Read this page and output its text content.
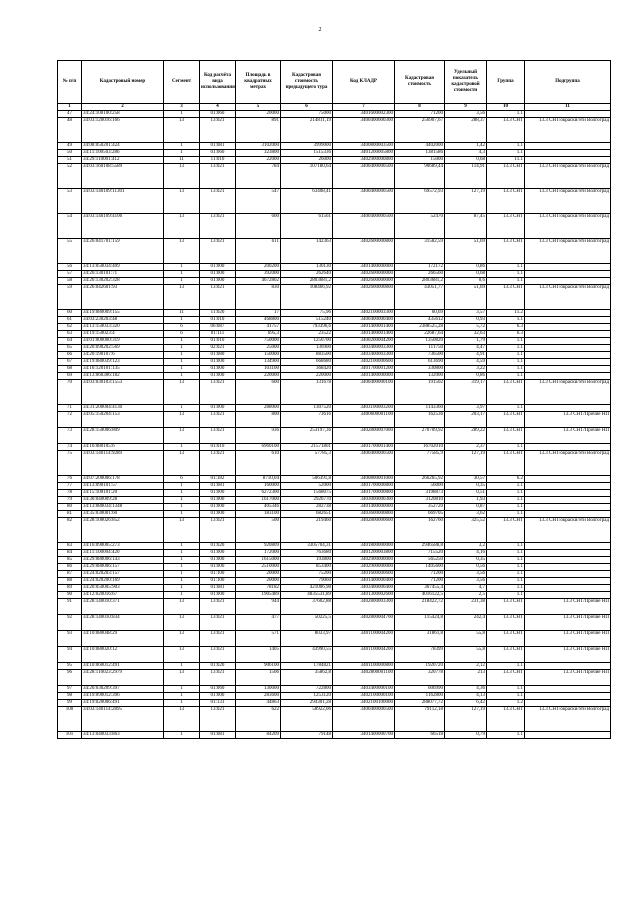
2
№ п/п	Кадастровый номер	Сегмент	Код расчёта вида использования	Площадь в квадратных метрах	Кадастровая стоимость предыдущего тура	Код КЛАДР	Кадастровая стоимость	Удельный показатель кадастровой стоимости	Группа	Подгруппа
1	2	3	4	5	6	7	8	9	10	11
47	34:24:100100:258	1	01:060	20000	75000	3401600002300	71200	3,56	1.1	
48	34:03:120016:166	13	13:021	891	214811,19	3400400000300	256907,67	288,37	13.3 СНТ	13.3 СНТ/окраски/эти Волгоград
49	34:08:050201:424	1	01:081	3102000	3999000	3400800003500	4402000	1,42	1.1	
50	34:11:100503:286	1	01:060	323800	1515336	3401200005800	1381586	4,3	1.1	
51	34:29:110001:412	11	11:010	22000	26000	3402900000800	15000	0,68	11.1	
52	34:03:160108:5589	13	13:021	784	107180,64	3400400000500	90689,44	114,91	13.3 СНТ	13.3 СНТ/окраски/эти Волгоград
53	34:03:140109:11301	13	13:021	547	63408,41	3400400000500	69572,93	127,19	13.3 СНТ	13.3 СНТ/окраски/эти Волгоград
54	34:03:140109:4106	13	13:021	600	61561	3400400000500	52470	87,45	13.3 СНТ	13.3 СНТ/окраски/эти Волгоград
55	34:26:041701:159	13	13:021	611	142363	3402600000800	31582,59	51,69	13.3 СНТ	13.3 СНТ/окраски/эти Волгоград
56	34:13:050034:409	1	01:000	200200	130130	3401400000000	172172	0,86	1.1	
57	34:26:130101:71	1	01:000	392000	262640	3402600000000	266560	0,68	1.1	
58	34:26:130202:328	1	01:000	4672802	2803681,2	3402600000000	2803681,2	0,6	1.1	
59	34:26:042601:93	13	13:021	830	108466,92	3402600000800	43051,77	51,69	13.3 СНТ	13.3 СНТ/окраски/эти Волгоград
60	34:19:080009:155	11	11:020	17	75,96	3402100003300	60,69	3,57	11.2	
61	34:03:230203:48	1	01:010	468800	515240	3400400000400	435612	0,93	1.1	
62	34:13:150033:320	6	06:087	41757	793396,6	3401400001400	2388525,28	5,72	6.3	
63	34:19:150023:4	6	01:111	695,3	23522	3401400001400	22687,64	32,63	6.3	
64	34:01:000000:319	1	01:010	750000	1250700	3400200004200	1350820	1,79	1.1	
65	34:20:090202:569	1	02:021	25000	136900	3403400003300	111750	4,47	1.1	
66	34:20:190107:6	1	01:080	150000	883500	3403400003300	736500	4,91	1.1	
67	34:19:080039:123	1	01:000	134900	668680	3402100000600	613690	4,59	1.1	
68	34:16:120101:135	1	01:000	103100	368420	3401700001200	330800	3,22	1.1	
69	34:13:060306:182	1	01:000	220000	220000	3401400000000	132000	0,86	1.1	
70	34:03:030103:1553	13	13:021	600	131678	3400400000100	191502	319,17	13.3 СНТ	13.3 СНТ/окраски/эти Волгоград
71	34:31:200004:4130	1	01:000	288000	1307520	3403100003200	1143360	3,97	1.1	
72	34:05:150204:153	13	13:021	800	73616	3400600001100	162536	203,17	13.3 СНТ	13.3 СНТ/Прочие НП
73	34:28:150006:809	13	13:021	936	253197,36	3402800007000	270709,92	289,22	13.3 СНТ	13.3 СНТ/Прочие НП
74	34:16:080105:6	1	01:010	6960100	21571801	3401700001400	16702010	2,37	1.1	
75	34:03:140114:9289	13	13:021	610	57785,3	3400400000500	77585,9	127,19	13.3 СНТ	13.3 СНТ/окраски/эти Волгоград
76	34:07:200006:178	6	01:182	8710,04	506391,8	3400800001000	266265,92	30,57	6.2	
77	34:13:090101:57	1	01:081	160000	52000	3401700000800	56000	0,35	1.1	
78	34:15:100101:20	1	01:000	6272300	1568075	3401700000800	3198873	0,51	1.1	
79	34:30:040009:28	1	01:000	1617000	2926770	3403000000300	3120810	1,93	1.1	
80	34:13:080034:1348	1	01:000	405346	282738	3401400000000	352720	0,87	1.1	
81	34:35:030001:60	1	01:000	183100	682651	3403600000800	669705	3,62	1.1	
82	34:28:100026:852	13	13:021	500	219460	3402800000600	162760	325,52	13.3 СНТ	13.3 СНТ/окраски/эти Волгоград
83	34:16:090005:273	1	01:020	920809	3305704,31	3401800000000	2946588,8	3,2	1.1	
84	34:11:100004:420	1	01:000	172000	763680	3401200003800	715520	4,16	1.1	
85	34:29:080006:143	1	01:000	1615000	193800	3402900000000	565250	0,35	1.1	
86	34:29:080006:157	1	01:000	2510000	853400	3402900000000	1405600	0,56	1.1	
87	34:24:020203:157	1	01:100	20000	75200	3401600000600	71200	3,56	1.1	
88	34:24:020200:169	1	01:100	20000	79060	3401400000400	71200	3,56	1.1	
89	34:20:050005:903	1	01:081	78182	421006,98	3403400000400	367455,4	4,7	1.1	
90	34:12:020016:67	1	01:000	1905489	4835531,89	3401300002600	4016122,5	2,5	1.1	
91	34:28:140010:371	13	13:021	944	37602,88	3402800003300	218422,72	231,38	13.3 СНТ	13.3 СНТ/Прочие НП
92	34:28:140010:834	13	13:021	477	50225,5	3402800004700	115424,8	242,4	13.3 СНТ	13.3 СНТ/Прочие НП
93	34:10:080048:29	13	13:021	571	8033,97	3401100004200	31861,8	55,8	13.3 СНТ	13.3 СНТ/Прочие НП
94	34:10:080020:12	13	13:021	1405	43990,55	3401100004200	78399	55,8	13.3 СНТ	13.3 СНТ/Прочие НП
95	34:10:060012:491	1	01:020	906100	1784821	3401100000800	1920720	2,12	1.1	
96	34:28:110023:2979	13	13:021	1506	35862,8	3402800001100	320778	213	13.3 СНТ	13.3 СНТ/Прочие НП
97	34:20:030209:397	1	01:060	130000	722800	3403400000100	606990	4,36	1.1	
98	34:19:090012:396	1	01:000	283600	1253120	3402100000100	1162800	4,13	1.1	
99	34:19:020006:491	1	01:131	44863	294301,28	3402100100000	288077,72	6,42	1.2	
100	34:03:140114:2895	13	13:021	622	58922,06	3400400000500	79112,18	127,19	13.3 СНТ	13.3 СНТ/окраски/эти Волгоград
101	34:13:040033:863	1	01:081	84209	79148	3401400000700	66518	0,79	1.1	
